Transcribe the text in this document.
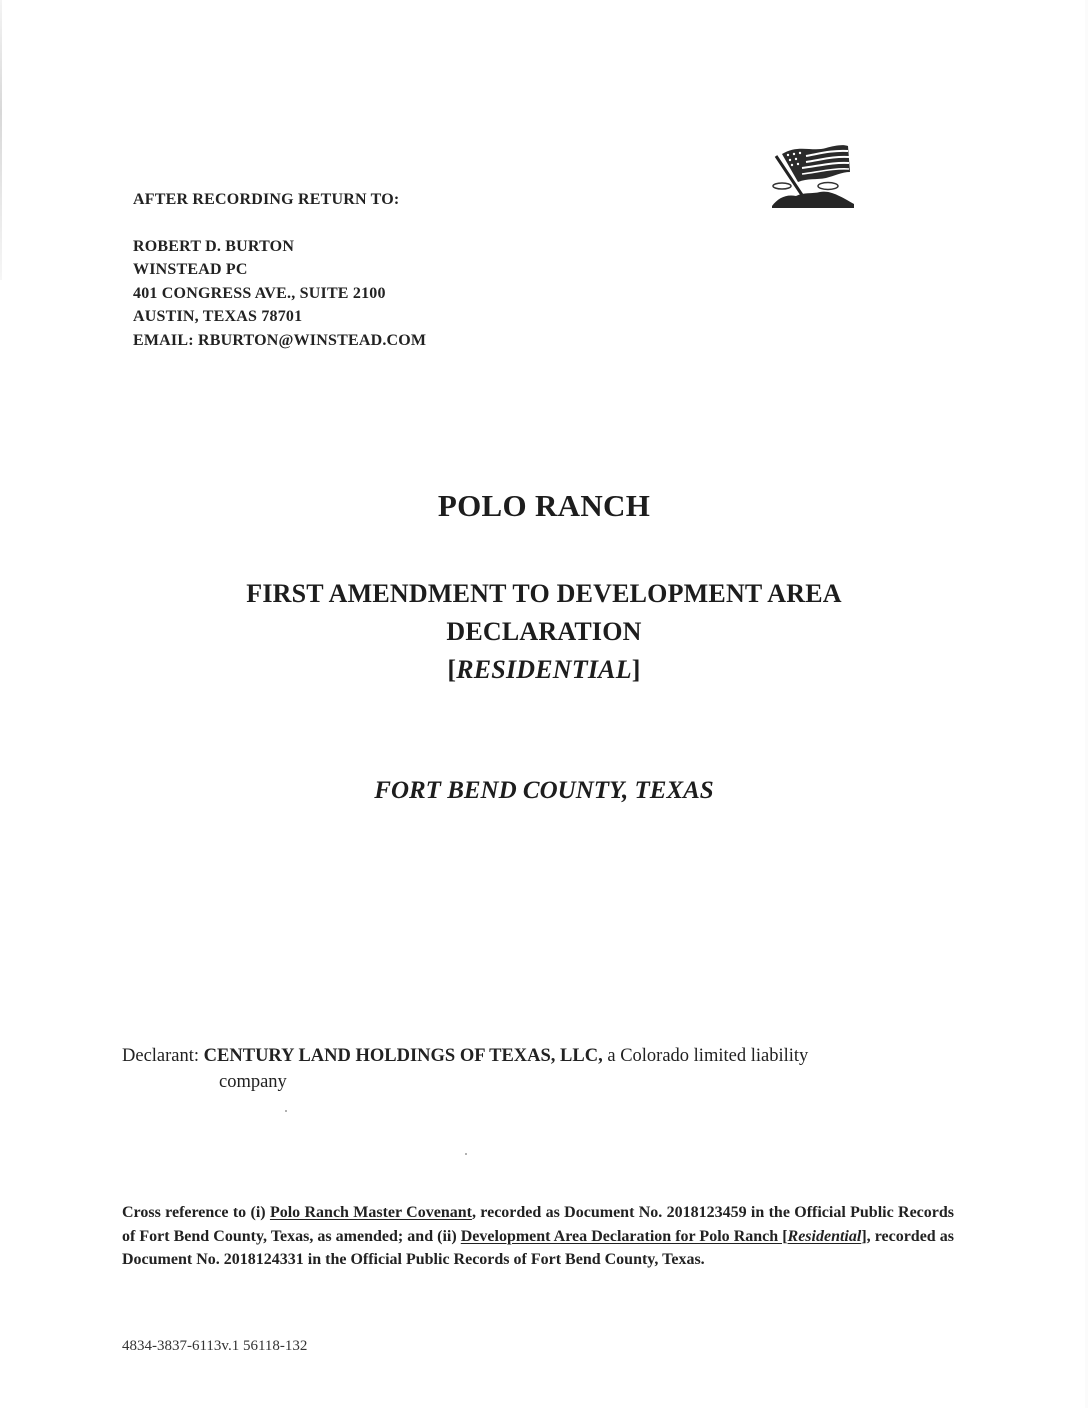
AFTER RECORDING RETURN TO:
ROBERT D. BURTON
WINSTEAD PC
401 CONGRESS AVE., SUITE 2100
AUSTIN, TEXAS 78701
EMAIL: RBURTON@WINSTEAD.COM
POLO RANCH
FIRST AMENDMENT TO DEVELOPMENT AREA
DECLARATION
[RESIDENTIAL]
FORT BEND COUNTY, TEXAS
Declarant: CENTURY LAND HOLDINGS OF TEXAS, LLC, a Colorado limited liability
company
Cross reference to (i) Polo Ranch Master Covenant, recorded as Document No. 2018123459 in the Official Public Records of Fort Bend County, Texas, as amended; and (ii) Development Area Declaration for Polo Ranch [Residential], recorded as Document No. 2018124331 in the Official Public Records of Fort Bend County, Texas.
4834-3837-6113v.1 56118-132
